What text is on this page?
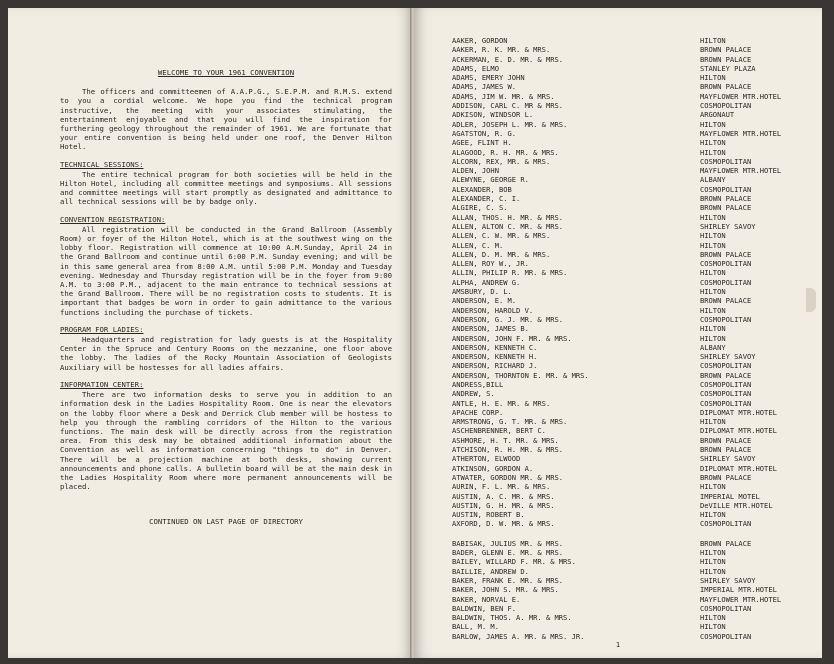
WELCOME TO YOUR 1961 CONVENTION

The officers and committeemen of A.A.P.G., S.E.P.M. and R.M.S. extend to you a cordial welcome. We hope you find the technical program instructive, the meeting with your associates stimulating, the entertainment enjoyable and that you will find the inspiration for furthering geology throughout the remainder of 1961. We are fortunate that your entire convention is being held under one roof, the Denver Hilton Hotel.

TECHNICAL SESSIONS:

The entire technical program for both societies will be held in the Hilton Hotel, including all committee meetings and symposiums. All sessions and committee meetings will start promptly as designated and admittance to all technical sessions will be by badge only.

CONVENTION REGISTRATION:

All registration will be conducted in the Grand Ballroom (Assembly Room) or foyer of the Hilton Hotel, which is at the southwest wing on the lobby floor. Registration will commence at 10:00 A.M.Sunday, April 24 in the Grand Ballroom and continue until 6:00 P.M. Sunday evening; and will be in this same general area from 8:00 A.M. until 5:00 P.M. Monday and Tuesday evening. Wednesday and Thursday registration will be in the foyer from 9:00 A.M. to 3:00 P.M., adjacent to the main entrance to technical sessions at the Grand Ballroom. There will be no registration costs to students. It is important that badges be worn in order to gain admittance to the various functions including the purchase of tickets.

PROGRAM FOR LADIES:

Headquarters and registration for lady guests is at the Hospitality Center in the Spruce and Century Rooms on the mezzanine, one floor above the lobby. The ladies of the Rocky Mountain Association of Geologists Auxiliary will be hostesses for all ladies affairs.

INFORMATION CENTER:

There are two information desks to serve you in addition to an information desk in the Ladies Hospitality Room. One is near the elevators on the lobby floor where a Desk and Derrick Club member will be hostess to help you through the rambling corridors of the Hilton to the various functions. The main desk will be directly across from the registration area. From this desk may be obtained additional information about the Convention as well as information concerning "things to do" in Denver. There will be a projection machine at both desks, showing current announcements and phone calls. A bulletin board will be at the main desk in the Ladies Hospitality Room where more permanent announcements will be placed.

CONTINUED ON LAST PAGE OF DIRECTORY
AAKER, GORDON	HILTON
AAKER, R. K. MR. & MRS.	BROWN PALACE
ACKERMAN, E. D. MR. & MRS.	BROWN PALACE
ADAMS, ELMO	STANLEY PLAZA
ADAMS, EMERY JOHN	HILTON
ADAMS, JAMES W.	BROWN PALACE
ADAMS, JIM W. MR. & MRS.	MAYFLOWER MTR.HOTEL
ADDISON, CARL C. MR & MRS.	COSMOPOLITAN
ADKISON, WINDSOR L.	ARGONAUT
ADLER, JOSEPH L. MR. & MRS.	HILTON
AGATSTON, R. G.	MAYFLOWER MTR.HOTEL
AGEE, FLINT H.	HILTON
ALAGOOD, R. H. MR. & MRS.	HILTON
ALCORN, REX, MR. & MRS.	COSMOPOLITAN
ALDEN, JOHN	MAYFLOWER MTR.HOTEL
ALEWYNE, GEORGE R.	ALBANY
ALEXANDER, BOB	COSMOPOLITAN
ALEXANDER, C. I.	BROWN PALACE
ALGIRE, C. S.	BROWN PALACE
ALLAN, THOS. H. MR. & MRS.	HILTON
ALLEN, ALTON C. MR. & MRS.	SHIRLEY SAVOY
ALLEN, C. W. MR. & MRS.	HILTON
ALLEN, C. M.	HILTON
ALLEN, D. M. MR. & MRS.	BROWN PALACE
ALLEN, ROY W., JR.	COSMOPOLITAN
ALLIN, PHILIP R. MR. & MRS.	HILTON
ALPHA, ANDREW G.	COSMOPOLITAN
AMSBURY, D. L.	HILTON
ANDERSON, E. M.	BROWN PALACE
ANDERSON, HAROLD V.	HILTON
ANDERSON, G. J. MR. & MRS.	COSMOPOLITAN
ANDERSON, JAMES B.	HILTON
ANDERSON, JOHN F. MR. & MRS.	HILTON
ANDERSON, KENNETH C.	ALBANY
ANDERSON, KENNETH H.	SHIRLEY SAVOY
ANDERSON, RICHARD J.	COSMOPOLITAN
ANDERSON, THORNTON E. MR. & MRS.	BROWN PALACE
ANDRESS,BILL	COSMOPOLITAN
ANDREW, S.	COSMOPOLITAN
ANTLE, H. E. MR. & MRS.	COSMOPOLITAN
APACHE CORP.	DIPLOMAT MTR.HOTEL
ARMSTRONG, G. T. MR. & MRS.	HILTON
ASCHENBRENNER, BERT C.	DIPLOMAT MTR.HOTEL
ASHMORE, H. T. MR. & MRS.	BROWN PALACE
ATCHISON, R. H. MR. & MRS.	BROWN PALACE
ATHERTON, ELWOOD	SHIRLEY SAVOY
ATKINSON, GORDON A.	DIPLOMAT MTR.HOTEL
ATWATER, GORDON MR. & MRS.	BROWN PALACE
AURIN, F. L. MR. & MRS.	HILTON
AUSTIN, A. C. MR. & MRS.	IMPERIAL MOTEL
AUSTIN, G. H. MR. & MRS.	DeVILLE MTR.HOTEL
AUSTIN, ROBERT B.	HILTON
AXFORD, D. W. MR. & MRS.	COSMOPOLITAN
BABISAK, JULIUS MR. & MRS.	BROWN PALACE
BADER, GLENN E. MR. & MRS.	HILTON
BAILEY, WILLARD F. MR. & MRS.	HILTON
BAILLIE, ANDREW D.	HILTON
BAKER, FRANK E. MR. & MRS.	SHIRLEY SAVOY
BAKER, JOHN S. MR. & MRS.	IMPERIAL MTR.HOTEL
BAKER, NORVAL E.	MAYFLOWER MTR.HOTEL
BALDWIN, BEN F.	COSMOPOLITAN
BALDWIN, THOS. A. MR. & MRS.	HILTON
BALL, M. M.	HILTON
BARLOW, JAMES A. MR. & MRS. JR.	COSMOPOLITAN
1
